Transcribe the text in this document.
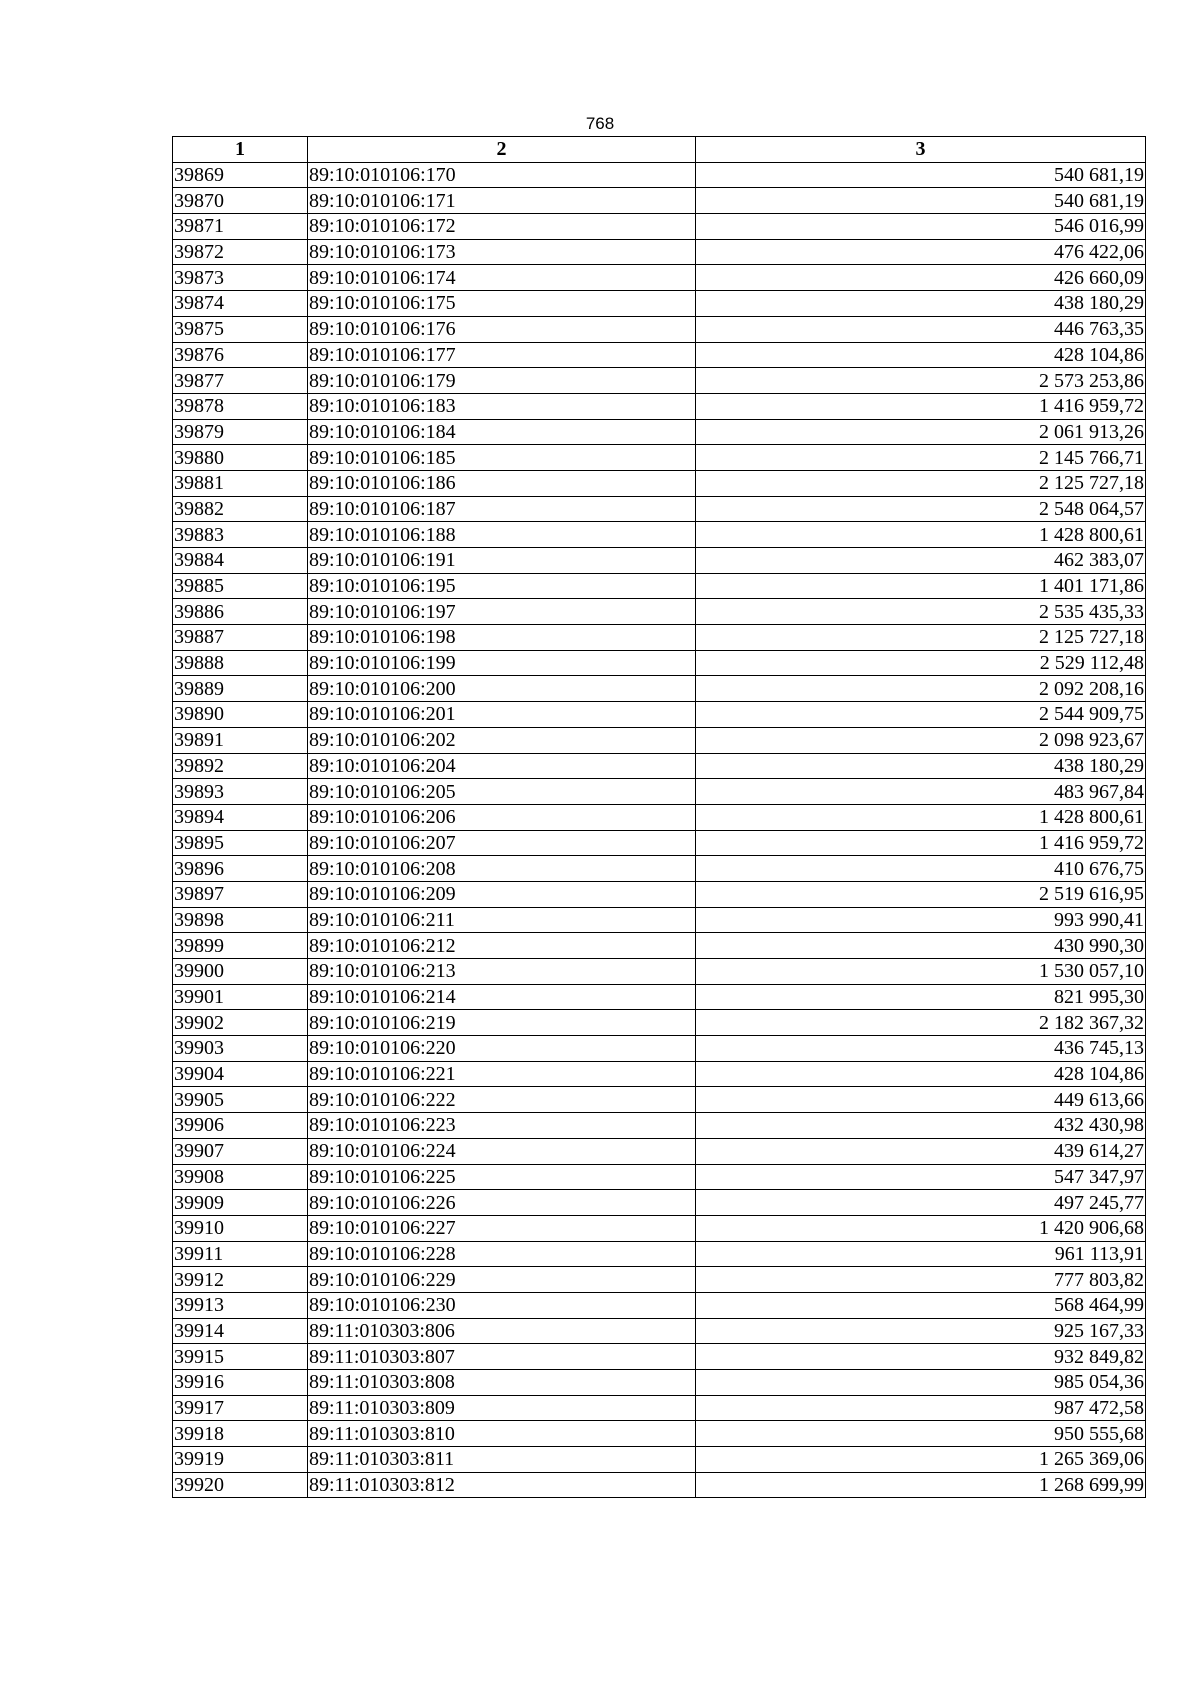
768
1	2	3
39869	89:10:010106:170	540 681,19
39870	89:10:010106:171	540 681,19
39871	89:10:010106:172	546 016,99
39872	89:10:010106:173	476 422,06
39873	89:10:010106:174	426 660,09
39874	89:10:010106:175	438 180,29
39875	89:10:010106:176	446 763,35
39876	89:10:010106:177	428 104,86
39877	89:10:010106:179	2 573 253,86
39878	89:10:010106:183	1 416 959,72
39879	89:10:010106:184	2 061 913,26
39880	89:10:010106:185	2 145 766,71
39881	89:10:010106:186	2 125 727,18
39882	89:10:010106:187	2 548 064,57
39883	89:10:010106:188	1 428 800,61
39884	89:10:010106:191	462 383,07
39885	89:10:010106:195	1 401 171,86
39886	89:10:010106:197	2 535 435,33
39887	89:10:010106:198	2 125 727,18
39888	89:10:010106:199	2 529 112,48
39889	89:10:010106:200	2 092 208,16
39890	89:10:010106:201	2 544 909,75
39891	89:10:010106:202	2 098 923,67
39892	89:10:010106:204	438 180,29
39893	89:10:010106:205	483 967,84
39894	89:10:010106:206	1 428 800,61
39895	89:10:010106:207	1 416 959,72
39896	89:10:010106:208	410 676,75
39897	89:10:010106:209	2 519 616,95
39898	89:10:010106:211	993 990,41
39899	89:10:010106:212	430 990,30
39900	89:10:010106:213	1 530 057,10
39901	89:10:010106:214	821 995,30
39902	89:10:010106:219	2 182 367,32
39903	89:10:010106:220	436 745,13
39904	89:10:010106:221	428 104,86
39905	89:10:010106:222	449 613,66
39906	89:10:010106:223	432 430,98
39907	89:10:010106:224	439 614,27
39908	89:10:010106:225	547 347,97
39909	89:10:010106:226	497 245,77
39910	89:10:010106:227	1 420 906,68
39911	89:10:010106:228	961 113,91
39912	89:10:010106:229	777 803,82
39913	89:10:010106:230	568 464,99
39914	89:11:010303:806	925 167,33
39915	89:11:010303:807	932 849,82
39916	89:11:010303:808	985 054,36
39917	89:11:010303:809	987 472,58
39918	89:11:010303:810	950 555,68
39919	89:11:010303:811	1 265 369,06
39920	89:11:010303:812	1 268 699,99
